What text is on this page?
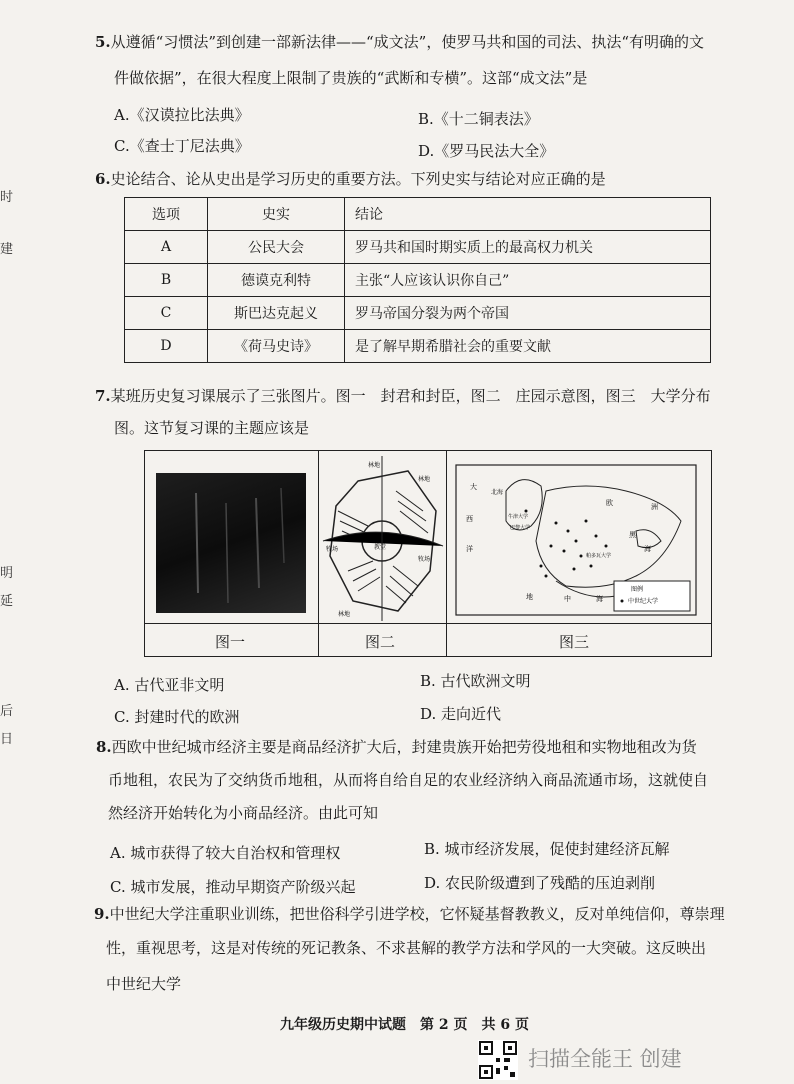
时
建
明
延
后
日
5.从遵循“习惯法”到创建一部新法律——“成文法”，使罗马共和国的司法、执法“有明确的文
件做依据”，在很大程度上限制了贵族的“武断和专横”。这部“成文法”是
A.《汉谟拉比法典》	B.《十二铜表法》
C.《查士丁尼法典》	D.《罗马民法大全》
6.史论结合、论从史出是学习历史的重要方法。下列史实与结论对应正确的是
选项	史实	结论
A	公民大会	罗马共和国时期实质上的最高权力机关
B	德谟克利特	主张“人应该认识你自己”
C	斯巴达克起义	罗马帝国分裂为两个帝国
D	《荷马史诗》	是了解早期希腊社会的重要文献
7.某班历史复习课展示了三张图片。图一　封君和封臣，图二　庄园示意图，图三　大学分布
图。这节复习课的主题应该是
林地
林地
林地
牧场
牧场
领主住宅
教堂
大
北海
西
洋
牛津大学
巴黎大学
欧	洲
黑
海
帕多瓦大学
地	中	海
图例
中世纪大学
图一	图二	图三
A. 古代亚非文明	B. 古代欧洲文明
C. 封建时代的欧洲	D. 走向近代
8.西欧中世纪城市经济主要是商品经济扩大后，封建贵族开始把劳役地租和实物地租改为货
币地租，农民为了交纳货币地租，从而将自给自足的农业经济纳入商品流通市场，这就使自
然经济开始转化为小商品经济。由此可知
A. 城市获得了较大自治权和管理权	B. 城市经济发展，促使封建经济瓦解
C. 城市发展，推动早期资产阶级兴起	D. 农民阶级遭到了残酷的压迫剥削
9.中世纪大学注重职业训练，把世俗科学引进学校，它怀疑基督教教义，反对单纯信仰，尊崇理
性，重视思考，这是对传统的死记教条、不求甚解的教学方法和学风的一大突破。这反映出
中世纪大学
九年级历史期中试题　第 2 页　共 6 页
扫描全能王 创建
